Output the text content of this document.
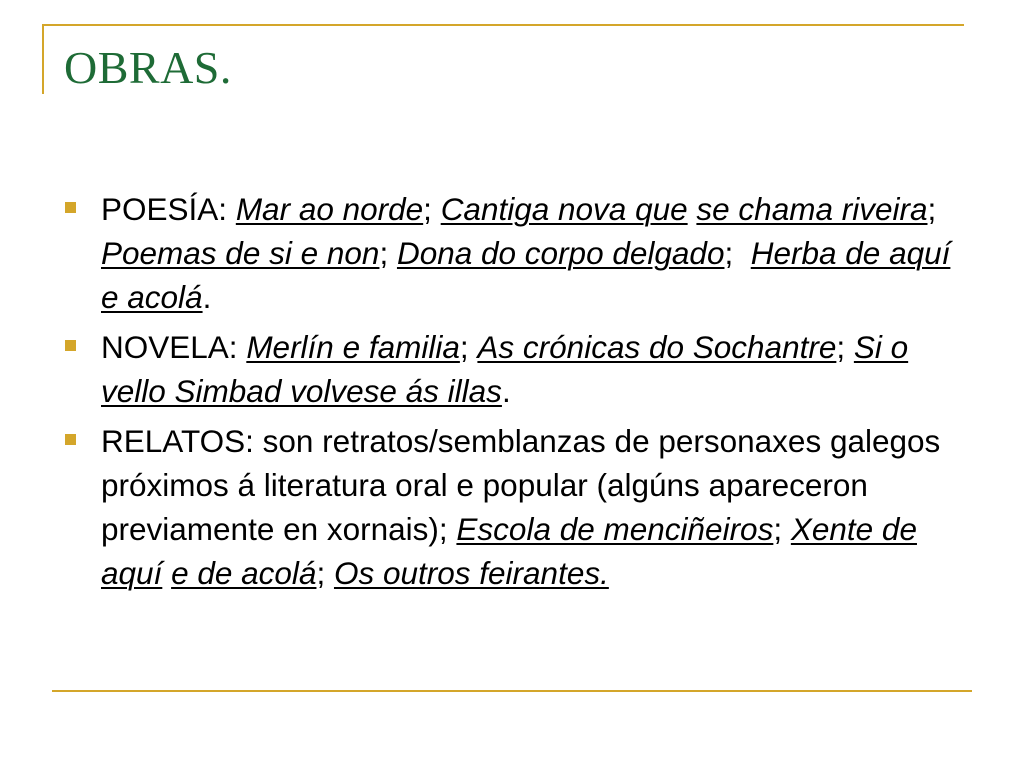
OBRAS.
POESÍA: Mar ao norde; Cantiga nova que se chama riveira; Poemas de si e non; Dona do corpo delgado;  Herba de aquí e acolá.
NOVELA: Merlín e familia; As crónicas do Sochantre; Si o vello Simbad volvese ás illas.
RELATOS: son retratos/semblanzas de personaxes galegos próximos á literatura oral e popular (algúns apareceron previamente en xornais); Escola de menciñeiros; Xente de aquí e de acolá; Os outros feirantes.
